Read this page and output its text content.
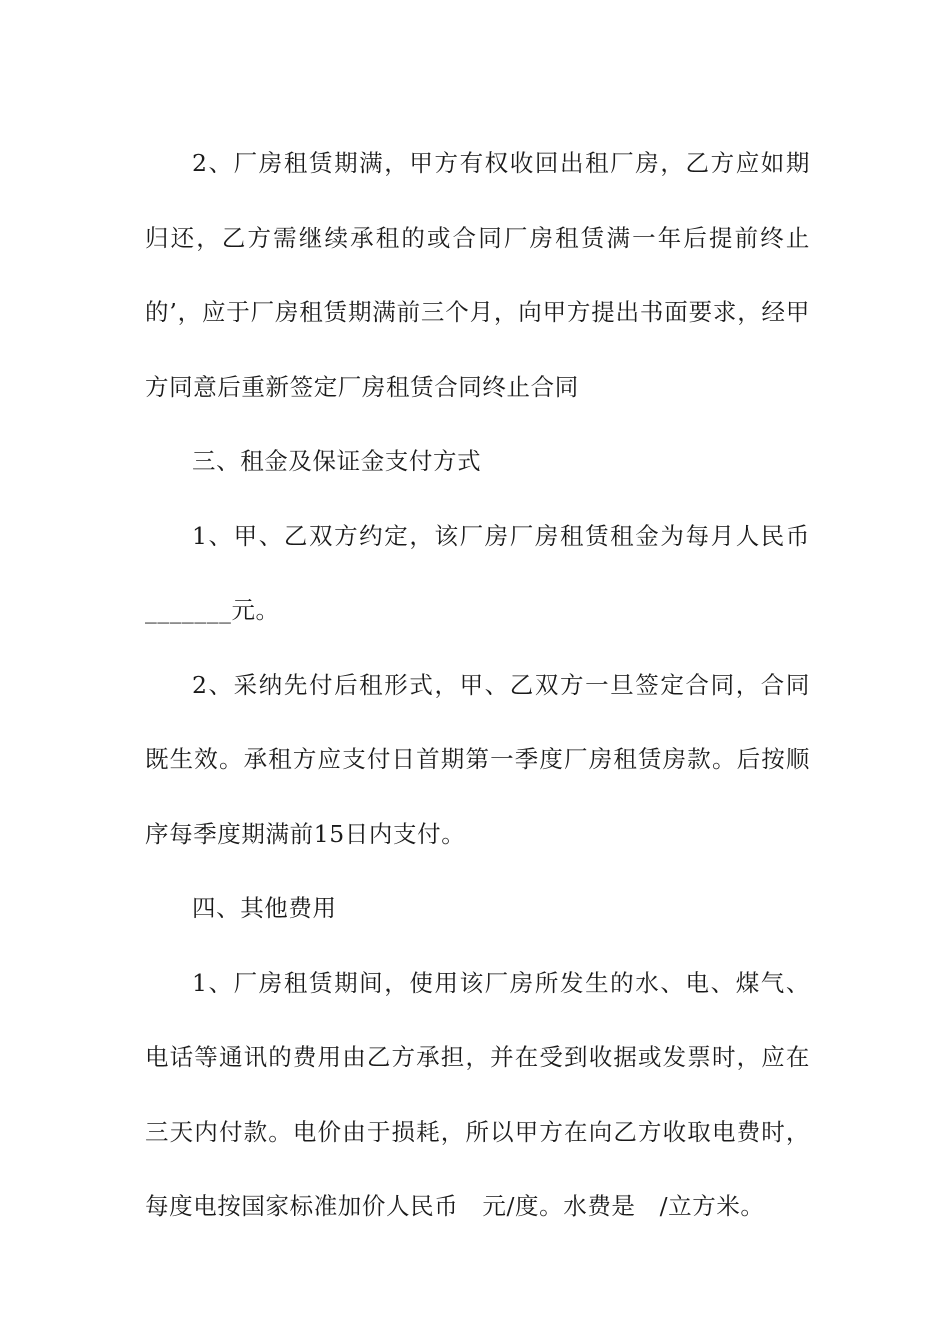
2、厂房租赁期满，甲方有权收回出租厂房，乙方应如期归还，乙方需继续承租的或合同厂房租赁满一年后提前终止的’，应于厂房租赁期满前三个月，向甲方提出书面要求，经甲方同意后重新签定厂房租赁合同终止合同

三、租金及保证金支付方式

1、甲、乙双方约定，该厂房厂房租赁租金为每月人民币_______元。

2、采纳先付后租形式，甲、乙双方一旦签定合同，合同既生效。承租方应支付日首期第一季度厂房租赁房款。后按顺序每季度期满前15日内支付。

四、其他费用

1、厂房租赁期间，使用该厂房所发生的水、电、煤气、电话等通讯的费用由乙方承担，并在受到收据或发票时，应在三天内付款。电价由于损耗，所以甲方在向乙方收取电费时，每度电按国家标准加价人民币　元/度。水费是　/立方米。
